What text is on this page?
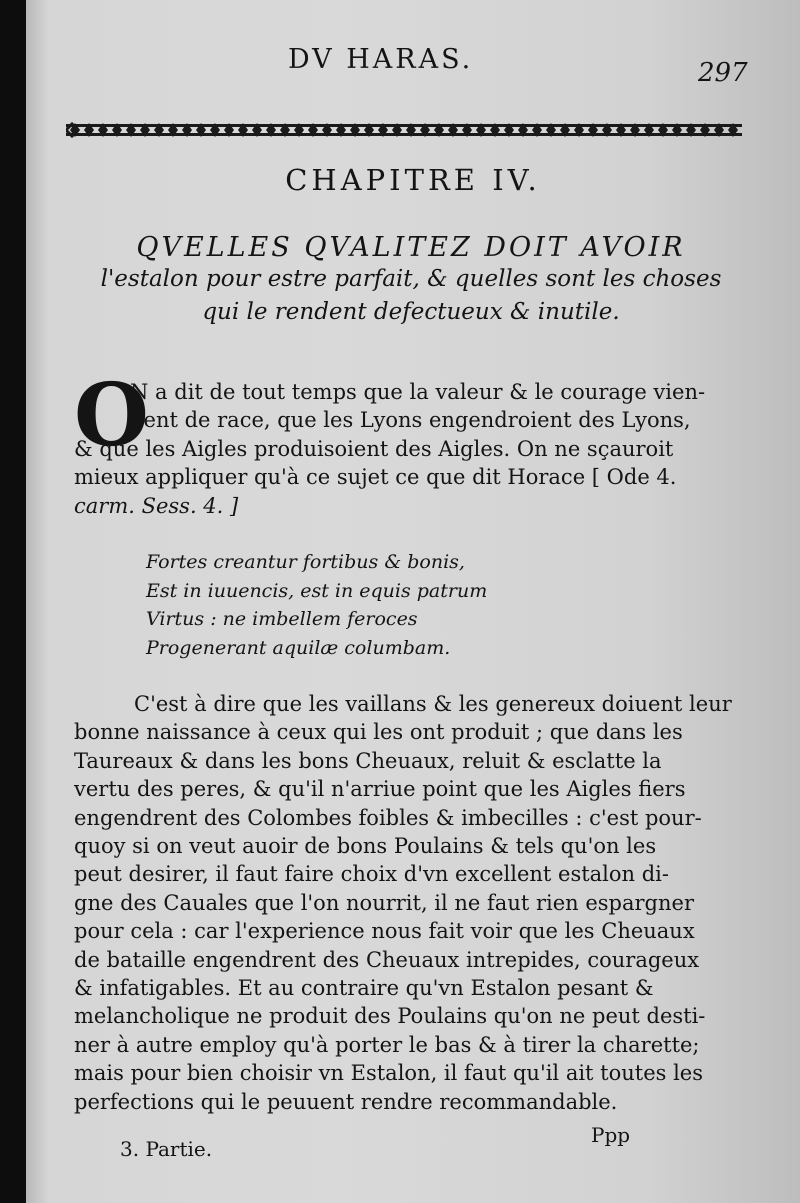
DV HARAS.	297
CHAPITRE IV.
QVELLES QVALITEZ DOIT AVOIR
l'estalon pour estre parfait, & quelles sont les choses
qui le rendent defectueux & inutile.
O
N a dit de tout temps que la valeur & le courage vien-
nent de race, que les Lyons engendroient des Lyons,
& que les Aigles produisoient des Aigles. On ne sçauroit
mieux appliquer qu'à ce sujet ce que dit Horace [ Ode 4.
carm. Sess. 4. ]
Fortes creantur fortibus & bonis,
Est in iuuencis, est in equis patrum
Virtus : ne imbellem feroces
Progenerant aquilæ columbam.
C'est à dire que les vaillans & les genereux doiuent leur
bonne naissance à ceux qui les ont produit ; que dans les
Taureaux & dans les bons Cheuaux, reluit & esclatte la
vertu des peres, & qu'il n'arriue point que les Aigles fiers
engendrent des Colombes foibles & imbecilles : c'est pour-
quoy si on veut auoir de bons Poulains & tels qu'on les
peut desirer, il faut faire choix d'vn excellent estalon di-
gne des Cauales que l'on nourrit, il ne faut rien espargner
pour cela : car l'experience nous fait voir que les Cheuaux
de bataille engendrent des Cheuaux intrepides, courageux
& infatigables. Et au contraire qu'vn Estalon pesant &
melancholique ne produit des Poulains qu'on ne peut desti-
ner à autre employ qu'à porter le bas & à tirer la charette;
mais pour bien choisir vn Estalon, il faut qu'il ait toutes les
perfections qui le peuuent rendre recommandable.
3. Partie.
Ppp
